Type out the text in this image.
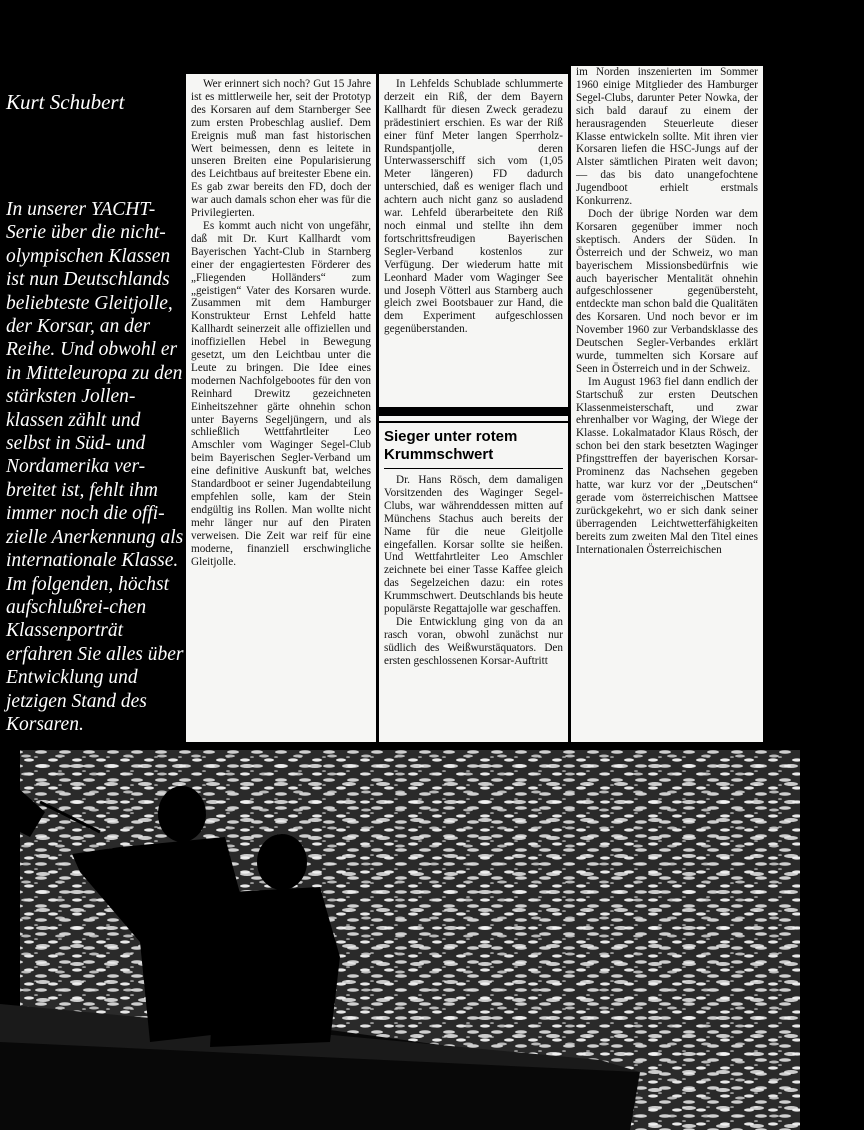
Kurt Schubert
In unserer YACHT-Serie über die nicht-olympischen Klassen ist nun Deutschlands beliebteste Gleitjolle, der Korsar, an der Reihe. Und obwohl er in Mitteleuropa zu den stärksten Jollen-klassen zählt und selbst in Süd- und Nordamerika ver-breitet ist, fehlt ihm immer noch die offi-zielle Anerkennung als internationale Klasse. Im folgenden, höchst aufschlußrei-chen Klassenporträt erfahren Sie alles über Entwicklung und jetzigen Stand des Korsaren.

Wer erinnert sich noch? Gut 15 Jahre ist es mittlerweile her, seit der Prototyp des Korsaren auf dem Starnberger See zum ersten Probeschlag auslief. Dem Ereignis muß man fast historischen Wert beimessen, denn es leitete in unseren Breiten eine Popularisierung des Leichtbaus auf breitester Ebene ein. Es gab zwar bereits den FD, doch der war auch damals schon eher was für die Privilegierten.

Es kommt auch nicht von ungefähr, daß mit Dr. Kurt Kallhardt vom Bayerischen Yacht-Club in Starnberg einer der engagiertesten Förderer des „Fliegenden Holländers“ zum „geistigen“ Vater des Korsaren wurde. Zusammen mit dem Hamburger Konstrukteur Ernst Lehfeld hatte Kallhardt seinerzeit alle offiziellen und inoffiziellen Hebel in Bewegung gesetzt, um den Leichtbau unter die Leute zu bringen. Die Idee eines modernen Nachfolgebootes für den von Reinhard Drewitz gezeichneten Einheitszehner gärte ohnehin schon unter Bayerns Segeljüngern, und als schließlich Wettfahrtleiter Leo Amschler vom Waginger Segel-Club beim Bayerischen Segler-Verband um eine definitive Auskunft bat, welches Standardboot er seiner Jugendabteilung empfehlen solle, kam der Stein endgültig ins Rollen. Man wollte nicht mehr länger nur auf den Piraten verweisen. Die Zeit war reif für eine moderne, finanziell erschwingliche Gleitjolle.

In Lehfelds Schublade schlummerte derzeit ein Riß, der dem Bayern Kallhardt für diesen Zweck geradezu prädestiniert erschien. Es war der Riß einer fünf Meter langen Sperrholz-Rundspantjolle, deren Unterwasserschiff sich vom (1,05 Meter längeren) FD dadurch unterschied, daß es weniger flach und achtern auch nicht ganz so ausladend war. Lehfeld überarbeitete den Riß noch einmal und stellte ihn dem fortschrittsfreudigen Bayerischen Segler-Verband kostenlos zur Verfügung. Der wiederum hatte mit Leonhard Mader vom Waginger See und Joseph Vötterl aus Starnberg auch gleich zwei Bootsbauer zur Hand, die dem Experiment aufgeschlossen gegenüberstanden.

Sieger unter rotem Krummschwert

Dr. Hans Rösch, dem damaligen Vorsitzenden des Waginger Segel-Clubs, war währenddessen mitten auf Münchens Stachus auch bereits der Name für die neue Gleitjolle eingefallen. Korsar sollte sie heißen. Und Wettfahrtleiter Leo Amschler zeichnete bei einer Tasse Kaffee gleich das Segelzeichen dazu: ein rotes Krummschwert. Deutschlands bis heute populärste Regattajolle war geschaffen.

Die Entwicklung ging von da an rasch voran, obwohl zunächst nur südlich des Weißwurstäquators. Den ersten geschlossenen Korsar-Auftritt

im Norden inszenierten im Sommer 1960 einige Mitglieder des Hamburger Segel-Clubs, darunter Peter Nowka, der sich bald darauf zu einem der herausragenden Steuerleute dieser Klasse entwickeln sollte. Mit ihren vier Korsaren liefen die HSC-Jungs auf der Alster sämtlichen Piraten weit davon; — das bis dato unangefochtene Jugendboot erhielt erstmals Konkurrenz.

Doch der übrige Norden war dem Korsaren gegenüber immer noch skeptisch. Anders der Süden. In Österreich und der Schweiz, wo man bayerischem Missionsbedürfnis wie auch bayerischer Mentalität ohnehin aufgeschlossener gegenübersteht, entdeckte man schon bald die Qualitäten des Korsaren. Und noch bevor er im November 1960 zur Verbandsklasse des Deutschen Segler-Verbandes erklärt wurde, tummelten sich Korsare auf Seen in Österreich und in der Schweiz.

Im August 1963 fiel dann endlich der Startschuß zur ersten Deutschen Klassenmeisterschaft, und zwar ehrenhalber vor Waging, der Wiege der Klasse. Lokalmatador Klaus Rösch, der schon bei den stark besetzten Waginger Pfingsttreffen der bayerischen Korsar-Prominenz das Nachsehen gegeben hatte, war kurz vor der „Deutschen“ gerade vom österreichischen Mattsee zurückgekehrt, wo er sich dank seiner überragenden Leichtwetterfähigkeiten bereits zum zweiten Mal den Titel eines Internationalen Österreichischen
